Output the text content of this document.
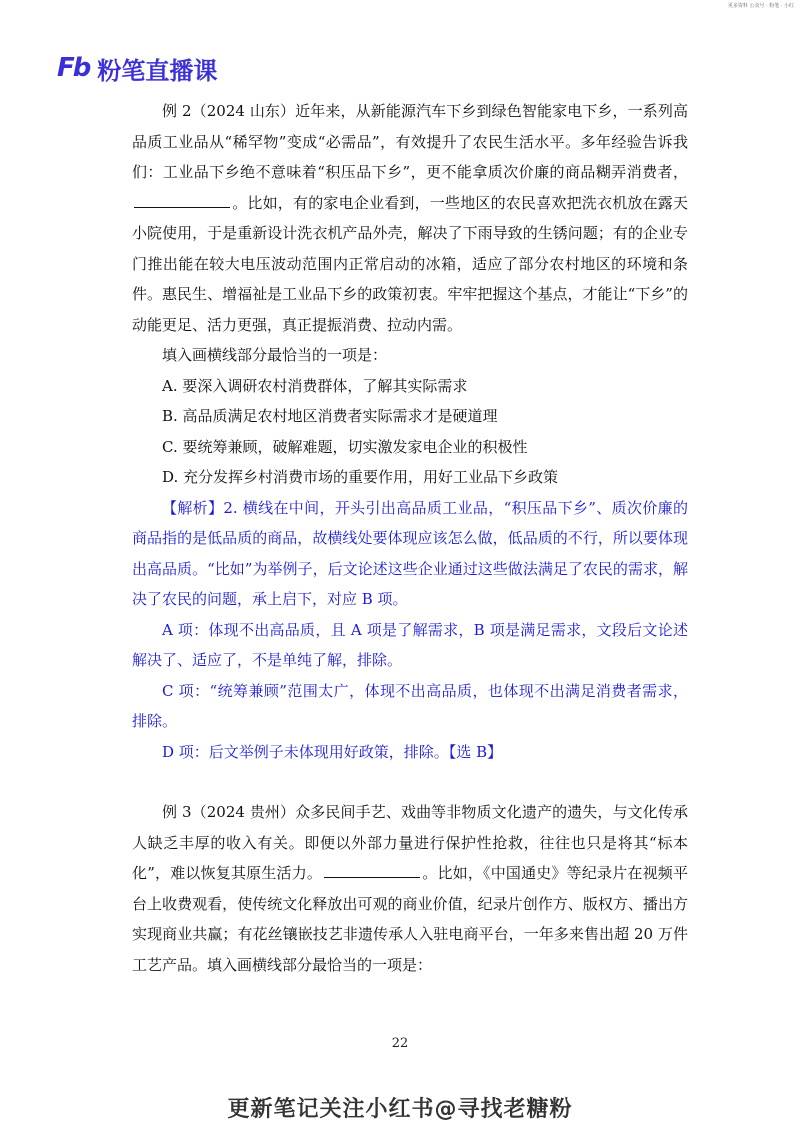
更多资料 公众号 · 粉笔 · 小红
Fb 粉笔直播课

例 2（2024 山东）近年来，从新能源汽车下乡到绿色智能家电下乡，一系列高品质工业品从“稀罕物”变成“必需品”，有效提升了农民生活水平。多年经验告诉我们：工业品下乡绝不意味着“积压品下乡”，更不能拿质次价廉的商品糊弄消费者，。比如，有的家电企业看到，一些地区的农民喜欢把洗衣机放在露天小院使用，于是重新设计洗衣机产品外壳，解决了下雨导致的生锈问题；有的企业专门推出能在较大电压波动范围内正常启动的冰箱，适应了部分农村地区的环境和条件。惠民生、增福祉是工业品下乡的政策初衷。牢牢把握这个基点，才能让“下乡”的动能更足、活力更强，真正提振消费、拉动内需。

填入画横线部分最恰当的一项是：

A. 要深入调研农村消费群体，了解其实际需求

B. 高品质满足农村地区消费者实际需求才是硬道理

C. 要统筹兼顾，破解难题，切实激发家电企业的积极性

D. 充分发挥乡村消费市场的重要作用，用好工业品下乡政策

【解析】2. 横线在中间，开头引出高品质工业品，“积压品下乡”、质次价廉的商品指的是低品质的商品，故横线处要体现应该怎么做，低品质的不行，所以要体现出高品质。“比如”为举例子，后文论述这些企业通过这些做法满足了农民的需求，解决了农民的问题，承上启下，对应 B 项。

A 项：体现不出高品质，且 A 项是了解需求，B 项是满足需求，文段后文论述解决了、适应了，不是单纯了解，排除。

C 项：“统筹兼顾”范围太广，体现不出高品质，也体现不出满足消费者需求，排除。

D 项：后文举例子未体现用好政策，排除。【选 B】

例 3（2024 贵州）众多民间手艺、戏曲等非物质文化遗产的遗失，与文化传承人缺乏丰厚的收入有关。即便以外部力量进行保护性抢救，往往也只是将其“标本化”，难以恢复其原生活力。	。比如，《中国通史》等纪录片在视频平台上收费观看，使传统文化释放出可观的商业价值，纪录片创作方、版权方、播出方实现商业共赢；有花丝镶嵌技艺非遗传承人入驻电商平台，一年多来售出超 20 万件工艺产品。填入画横线部分最恰当的一项是：

22
更新笔记关注小红书@寻找老糖粉
